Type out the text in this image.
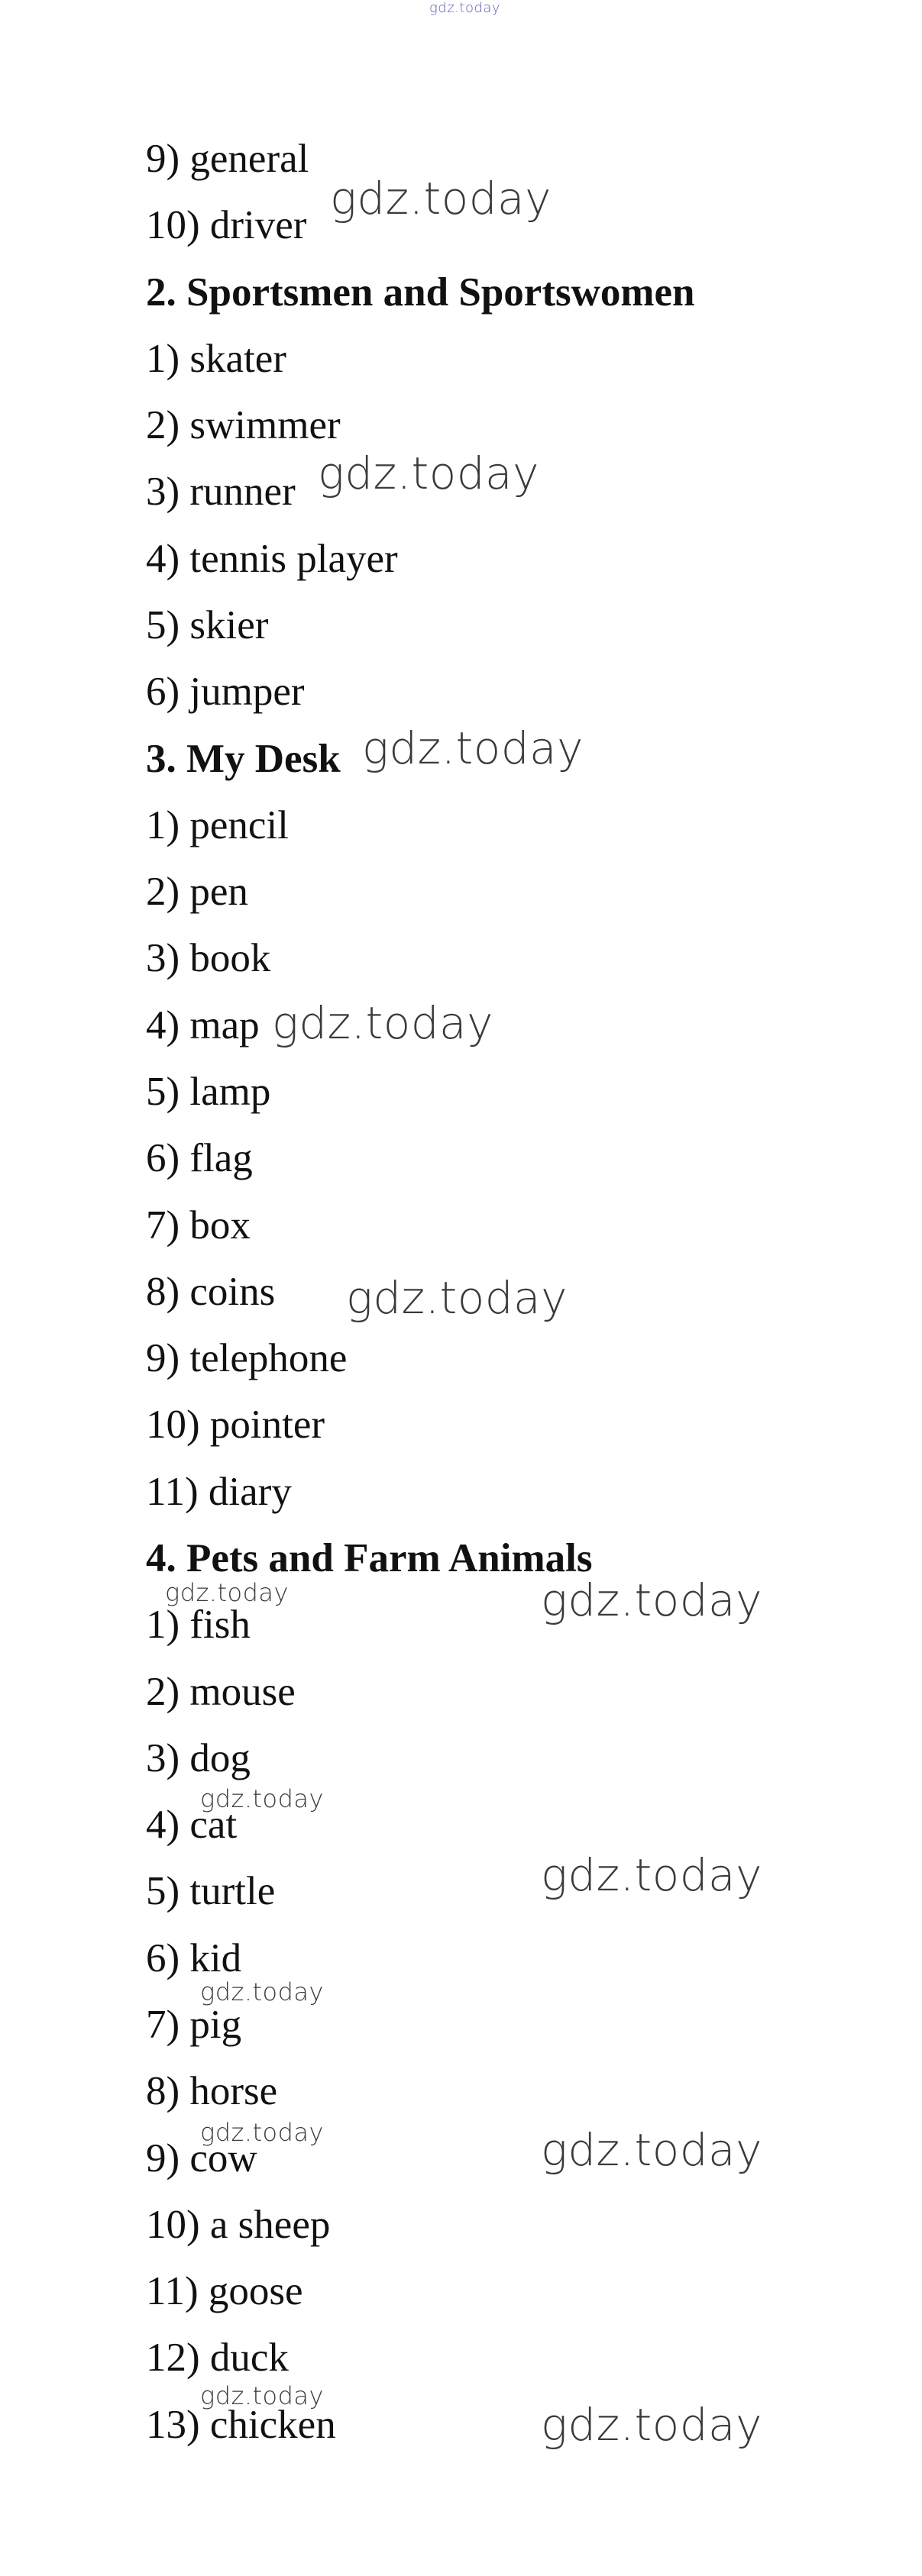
gdz.today

9) general

10) driver

2. Sportsmen and Sportswomen

1) skater

2) swimmer

3) runner

4) tennis player

5) skier

6) jumper

3. My Desk

1) pencil

2) pen

3) book

4) map

5) lamp

6) flag

7) box

8) coins

9) telephone

10) pointer

11) diary

4. Pets and Farm Animals

1) fish

2) mouse

3) dog

4) cat

5) turtle

6) kid

7) pig

8) horse

9) cow

10) a sheep

11) goose

12) duck

13) chicken

gdz.today
gdz.today
gdz.today
gdz.today
gdz.today
gdz.today
gdz.today
gdz.today
gdz.today
gdz.today
gdz.today
gdz.today
gdz.today
gdz.today
